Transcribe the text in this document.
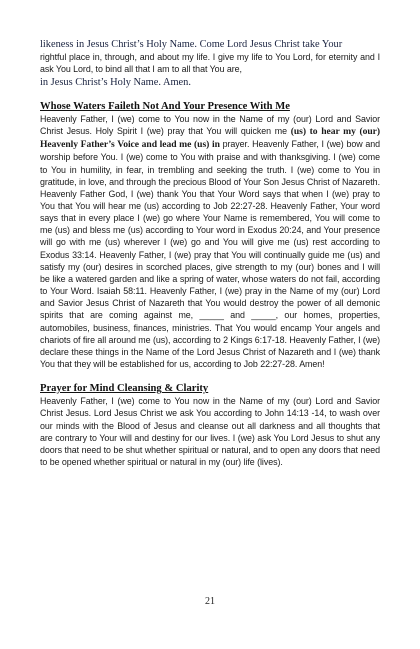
likeness in Jesus Christ’s Holy Name. Come Lord Jesus Christ take Your

rightful place in, through, and about my life. I give my life to You Lord, for eternity and I ask You Lord, to bind all that I am to all that You are,

in Jesus Christ’s Holy Name. Amen.

Whose Waters Faileth Not And Your Presence With Me

Heavenly Father, I (we) come to You now in the Name of my (our) Lord and Savior Christ Jesus. Holy Spirit I (we) pray that You will quicken me (us) to hear my (our) Heavenly Father’s Voice and lead me (us) in prayer. Heavenly Father, I (we) bow and worship before You. I (we) come to You with praise and with thanksgiving. I (we) come to You in humility, in fear, in trembling and seeking the truth. I (we) come to You in gratitude, in love, and through the precious Blood of Your Son Jesus Christ of Nazareth. Heavenly Father God, I (we) thank You that Your Word says that when I (we) pray to You that You will hear me (us) according to Job 22:27-28. Heavenly Father, Your word says that in every place I (we) go where Your Name is remembered, You will come to me (us) and bless me (us) according to Your word in Exodus 20:24, and Your presence will go with me (us) wherever I (we) go and You will give me (us) rest according to Exodus 33:14. Heavenly Father, I (we) pray that You will continually guide me (us) and satisfy my (our) desires in scorched places, give strength to my (our) bones and I will be like a watered garden and like a spring of water, whose waters do not fail, according to Your Word. Isaiah 58:11. Heavenly Father, I (we) pray in the Name of my (our) Lord and Savior Jesus Christ of Nazareth that You would destroy the power of all demonic spirits that are coming against me, _____ and _____, our homes, properties, automobiles, business, finances, ministries. That You would encamp Your angels and chariots of fire all around me (us), according to 2 Kings 6:17-18. Heavenly Father, I (we) declare these things in the Name of the Lord Jesus Christ of Nazareth and I (we) thank You that they will be established for us, according to Job 22:27-28. Amen!

Prayer for Mind Cleansing & Clarity

Heavenly Father, I (we) come to You now in the Name of my (our) Lord and Savior Christ Jesus. Lord Jesus Christ we ask You according to John 14:13 -14, to wash over our minds with the Blood of Jesus and cleanse out all darkness and all thoughts that are contrary to Your will and destiny for our lives. I (we) ask You Lord Jesus to shut any doors that need to be shut whether spiritual or natural, and to open any doors that need to be opened whether spiritual or natural in my (our) life (lives).

21
